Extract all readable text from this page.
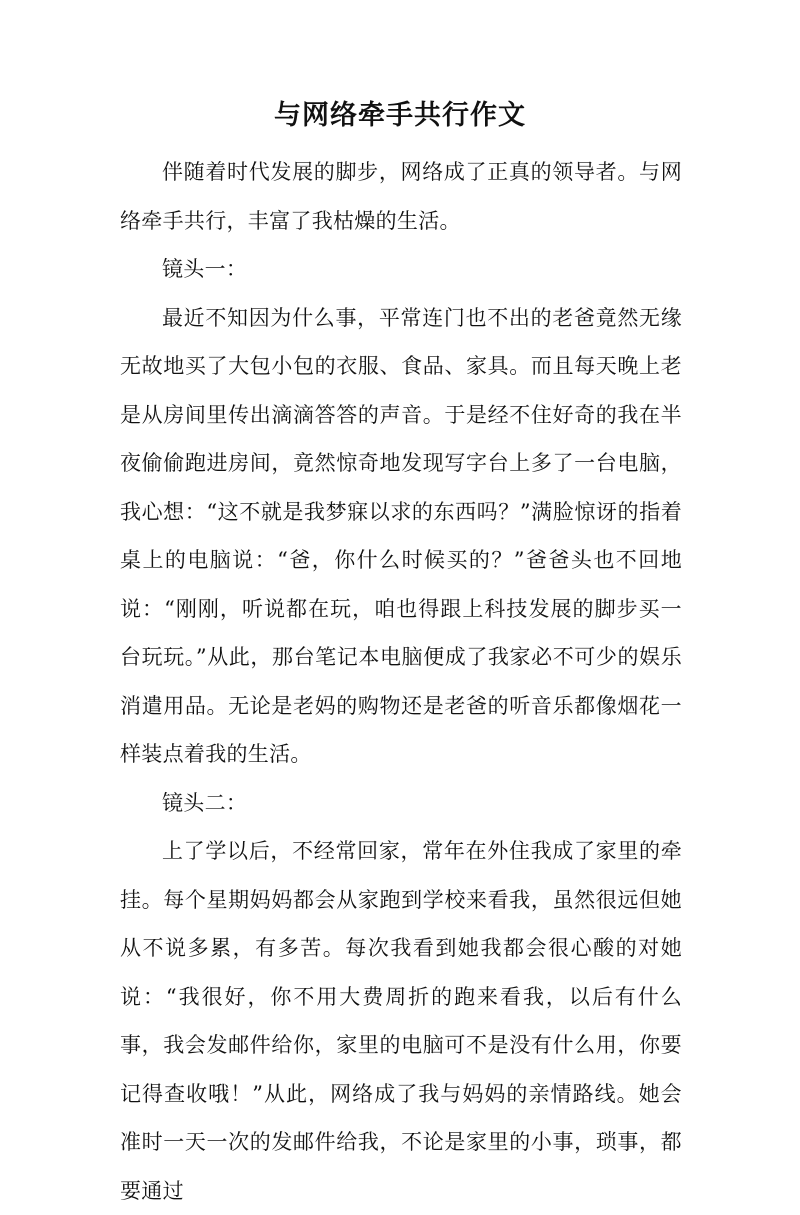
与网络牵手共行作文

伴随着时代发展的脚步，网络成了正真的领导者。与网络牵手共行，丰富了我枯燥的生活。

镜头一：

最近不知因为什么事，平常连门也不出的老爸竟然无缘无故地买了大包小包的衣服、食品、家具。而且每天晚上老是从房间里传出滴滴答答的声音。于是经不住好奇的我在半夜偷偷跑进房间，竟然惊奇地发现写字台上多了一台电脑，我心想：“这不就是我梦寐以求的东西吗？”满脸惊讶的指着桌上的电脑说：“爸，你什么时候买的？”爸爸头也不回地说：“刚刚，听说都在玩，咱也得跟上科技发展的脚步买一台玩玩。”从此，那台笔记本电脑便成了我家必不可少的娱乐消遣用品。无论是老妈的购物还是老爸的听音乐都像烟花一样装点着我的生活。

镜头二：

上了学以后，不经常回家，常年在外住我成了家里的牵挂。每个星期妈妈都会从家跑到学校来看我，虽然很远但她从不说多累，有多苦。每次我看到她我都会很心酸的对她说：“我很好，你不用大费周折的跑来看我，以后有什么事，我会发邮件给你，家里的电脑可不是没有什么用，你要记得查收哦！”从此，网络成了我与妈妈的亲情路线。她会准时一天一次的发邮件给我，不论是家里的小事，琐事，都要通过
